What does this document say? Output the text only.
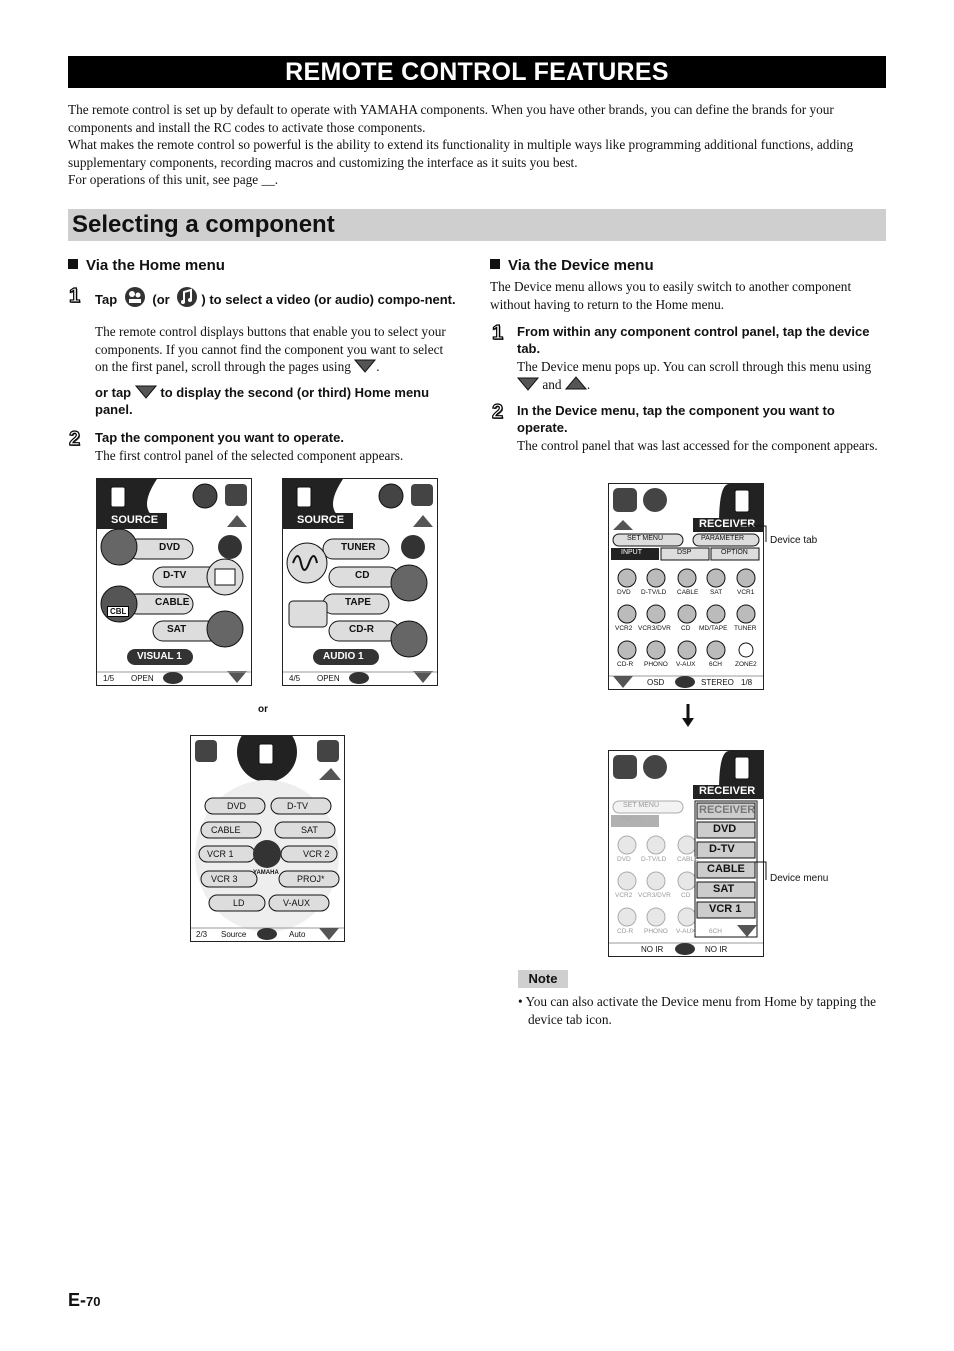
REMOTE CONTROL FEATURES

The remote control is set up by default to operate with YAMAHA components. When you have other brands, you can define the brands for your components and install the RC codes to activate those components.

What makes the remote control so powerful is the ability to extend its functionality in multiple ways like programming additional functions, adding supplementary components, recording macros and customizing the interface as it suits you best.

For operations of this unit, see page __.

Selecting a component
Via the Home menu
1	Tap	(or ) to select a video (or audio) compo-nent.
The remote control displays buttons that enable you to select your components. If you cannot find the component you want to select on the first panel, scroll through the pages using .
or tap to display the second (or third) Home menu panel.
2	Tap the component you want to operate.
The first control panel of the selected component appears.
SOURCE
DVD
D-TV
CABLE
SAT
CBL
VISUAL 1
1/5 OPEN
SOURCE
TUNER
CD
TAPE
CD-R
AUDIO 1
4/5 OPEN
or
DVD
CABLE
VCR 1
VCR 3
LD
D-TV
SAT
VCR 2
PROJ*
V-AUX
YAMAHA
2/3 Source	Auto
Via the Device menu
The Device menu allows you to easily switch to another component without having to return to the Home menu.
1	From within any component control panel, tap the device tab.
The Device menu pops up. You can scroll through this menu using  and .
2	In the Device menu, tap the component you want to operate.
The control panel that was last accessed for the component appears.
RECEIVER
SET MENU	PARAMETER
INPUT	DSP	OPTION
DVD D-TV/LD CABLE SAT VCR1
VCR2 VCR3/DVR CD MD/TAPE TUNER
CD-R PHONO V-AUX 6CH ZONE2
OSD	STEREO 1/8
Device tab
RECEIVER
SET MENU
INPUT
DVD D-TV/LD CABLE
VCR2 VCR3/DVR CD
CD-R PHONO V-AUX 6CH
RECEIVER
DVD
D-TV
CABLE
SAT
VCR 1
NO IR	NO IR
Device menu
Note
• You can also activate the Device menu from Home by tapping the device tab icon.
E-70
